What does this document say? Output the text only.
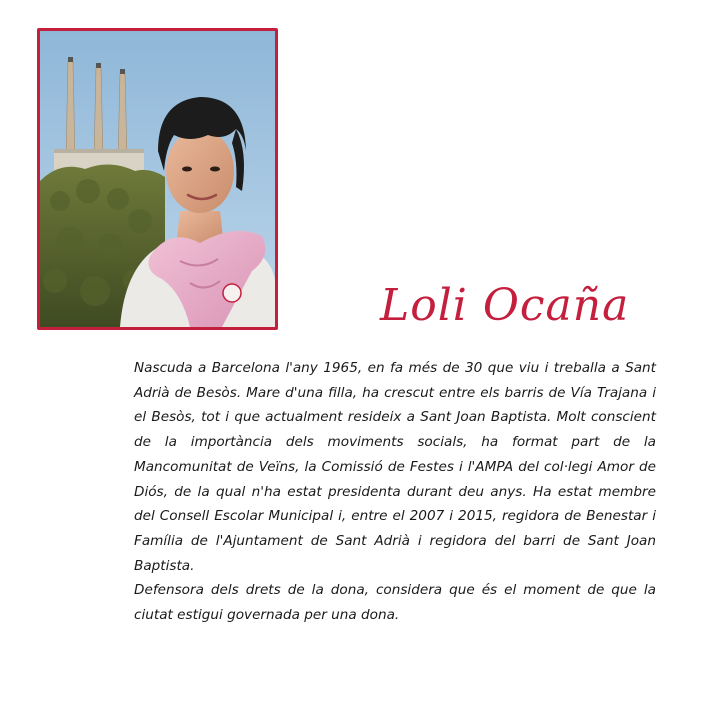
Loli Ocaña

Nascuda a Barcelona l'any 1965, en fa més de 30 que viu i treballa a Sant Adrià de Besòs. Mare d'una filla, ha crescut entre els barris de Vía Trajana i el Besòs, tot i que actualment resideix a Sant Joan Baptista. Molt conscient de la importància dels moviments socials, ha format part de la Mancomunitat de Veïns, la Comissió de Festes i l'AMPA del col·legi Amor de Diós, de la qual n'ha estat presidenta durant deu anys. Ha estat membre del Consell Escolar Municipal i, entre el 2007 i 2015, regidora de Benestar i Família de l'Ajuntament de Sant Adrià i regidora del barri de Sant Joan Baptista.

Defensora dels drets de la dona, considera que és el moment de que la ciutat estigui governada per una dona.
